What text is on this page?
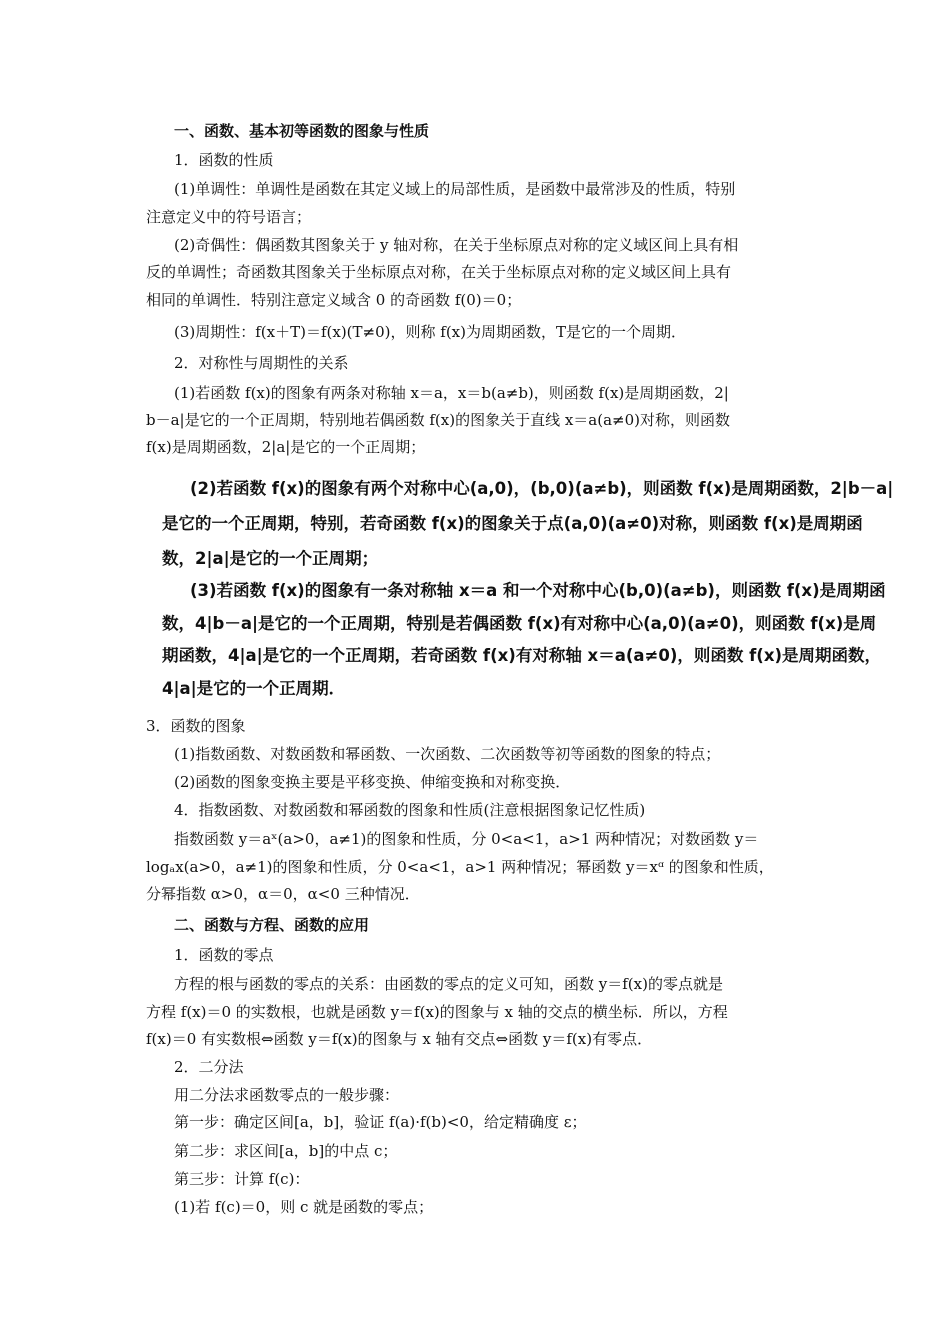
一、函数、基本初等函数的图象与性质
1．函数的性质
(1)单调性：单调性是函数在其定义域上的局部性质，是函数中最常涉及的性质，特别
注意定义中的符号语言；
(2)奇偶性：偶函数其图象关于 y 轴对称，在关于坐标原点对称的定义域区间上具有相
反的单调性；奇函数其图象关于坐标原点对称，在关于坐标原点对称的定义域区间上具有
相同的单调性．特别注意定义域含 0 的奇函数 f(0)＝0；
(3)周期性：f(x＋T)＝f(x)(T≠0)，则称 f(x)为周期函数，T是它的一个周期．
2．对称性与周期性的关系
(1)若函数 f(x)的图象有两条对称轴 x＝a，x＝b(a≠b)，则函数 f(x)是周期函数，2|
b－a|是它的一个正周期，特别地若偶函数 f(x)的图象关于直线 x＝a(a≠0)对称，则函数
f(x)是周期函数，2|a|是它的一个正周期；
(2)若函数 f(x)的图象有两个对称中心(a,0)，(b,0)(a≠b)，则函数 f(x)是周期函数，2|b－a|
是它的一个正周期，特别，若奇函数 f(x)的图象关于点(a,0)(a≠0)对称，则函数 f(x)是周期函
数，2|a|是它的一个正周期；
(3)若函数 f(x)的图象有一条对称轴 x＝a 和一个对称中心(b,0)(a≠b)，则函数 f(x)是周期函
数，4|b－a|是它的一个正周期，特别是若偶函数 f(x)有对称中心(a,0)(a≠0)，则函数 f(x)是周
期函数，4|a|是它的一个正周期，若奇函数 f(x)有对称轴 x＝a(a≠0)，则函数 f(x)是周期函数，
4|a|是它的一个正周期．
3．函数的图象
(1)指数函数、对数函数和幂函数、一次函数、二次函数等初等函数的图象的特点；
(2)函数的图象变换主要是平移变换、伸缩变换和对称变换．
4．指数函数、对数函数和幂函数的图象和性质(注意根据图象记忆性质)
指数函数 y＝aˣ(a>0，a≠1)的图象和性质，分 0<a<1，a>1 两种情况；对数函数 y＝
logₐx(a>0，a≠1)的图象和性质，分 0<a<1，a>1 两种情况；幂函数 y＝xᵅ 的图象和性质，
分幂指数 α>0，α＝0，α<0 三种情况．
二、函数与方程、函数的应用
1．函数的零点
方程的根与函数的零点的关系：由函数的零点的定义可知，函数 y＝f(x)的零点就是
方程 f(x)＝0 的实数根，也就是函数 y＝f(x)的图象与 x 轴的交点的横坐标．所以，方程
f(x)＝0 有实数根⇔函数 y＝f(x)的图象与 x 轴有交点⇔函数 y＝f(x)有零点．
2．二分法
用二分法求函数零点的一般步骤：
第一步：确定区间[a，b]，验证 f(a)·f(b)<0，给定精确度 ε；
第二步：求区间[a，b]的中点 c；
第三步：计算 f(c)：
(1)若 f(c)＝0，则 c 就是函数的零点；
